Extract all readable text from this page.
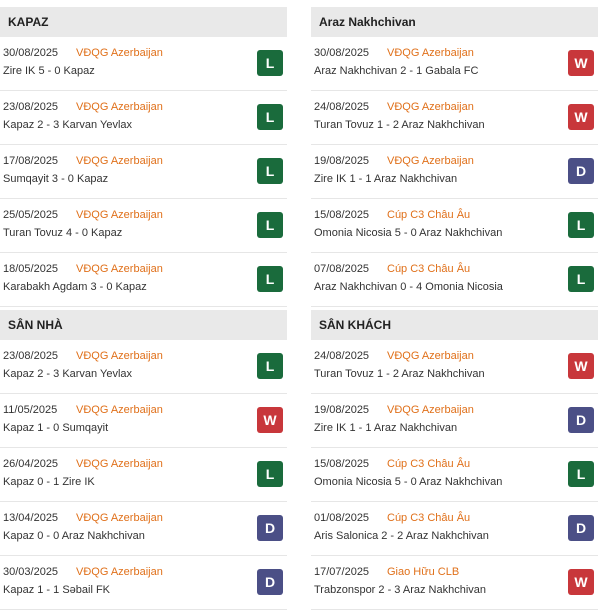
KAPAZ
30/08/2025 VĐQG Azerbaijan
Zire IK 5 - 0 Kapaz	L
23/08/2025 VĐQG Azerbaijan
Kapaz 2 - 3 Karvan Yevlax	L
17/08/2025 VĐQG Azerbaijan
Sumqayit 3 - 0 Kapaz	L
25/05/2025 VĐQG Azerbaijan
Turan Tovuz 4 - 0 Kapaz	L
18/05/2025 VĐQG Azerbaijan
Karabakh Agdam 3 - 0 Kapaz	L
SÂN NHÀ
23/08/2025 VĐQG Azerbaijan
Kapaz 2 - 3 Karvan Yevlax	L
11/05/2025 VĐQG Azerbaijan
Kapaz 1 - 0 Sumqayit	W
26/04/2025 VĐQG Azerbaijan
Kapaz 0 - 1 Zire IK	L
13/04/2025 VĐQG Azerbaijan
Kapaz 0 - 0 Araz Nakhchivan	D
30/03/2025 VĐQG Azerbaijan
Kapaz 1 - 1 Səbail FK	D
Araz Nakhchivan
30/08/2025 VĐQG Azerbaijan
Araz Nakhchivan 2 - 1 Gabala FC	W
24/08/2025 VĐQG Azerbaijan
Turan Tovuz 1 - 2 Araz Nakhchivan	W
19/08/2025 VĐQG Azerbaijan
Zire IK 1 - 1 Araz Nakhchivan	D
15/08/2025 Cúp C3 Châu Âu
Omonia Nicosia 5 - 0 Araz Nakhchivan	L
07/08/2025 Cúp C3 Châu Âu
Araz Nakhchivan 0 - 4 Omonia Nicosia	L
SÂN KHÁCH
24/08/2025 VĐQG Azerbaijan
Turan Tovuz 1 - 2 Araz Nakhchivan	W
19/08/2025 VĐQG Azerbaijan
Zire IK 1 - 1 Araz Nakhchivan	D
15/08/2025 Cúp C3 Châu Âu
Omonia Nicosia 5 - 0 Araz Nakhchivan	L
01/08/2025 Cúp C3 Châu Âu
Aris Salonica 2 - 2 Araz Nakhchivan	D
17/07/2025 Giao Hữu CLB
Trabzonspor 2 - 3 Araz Nakhchivan	W
